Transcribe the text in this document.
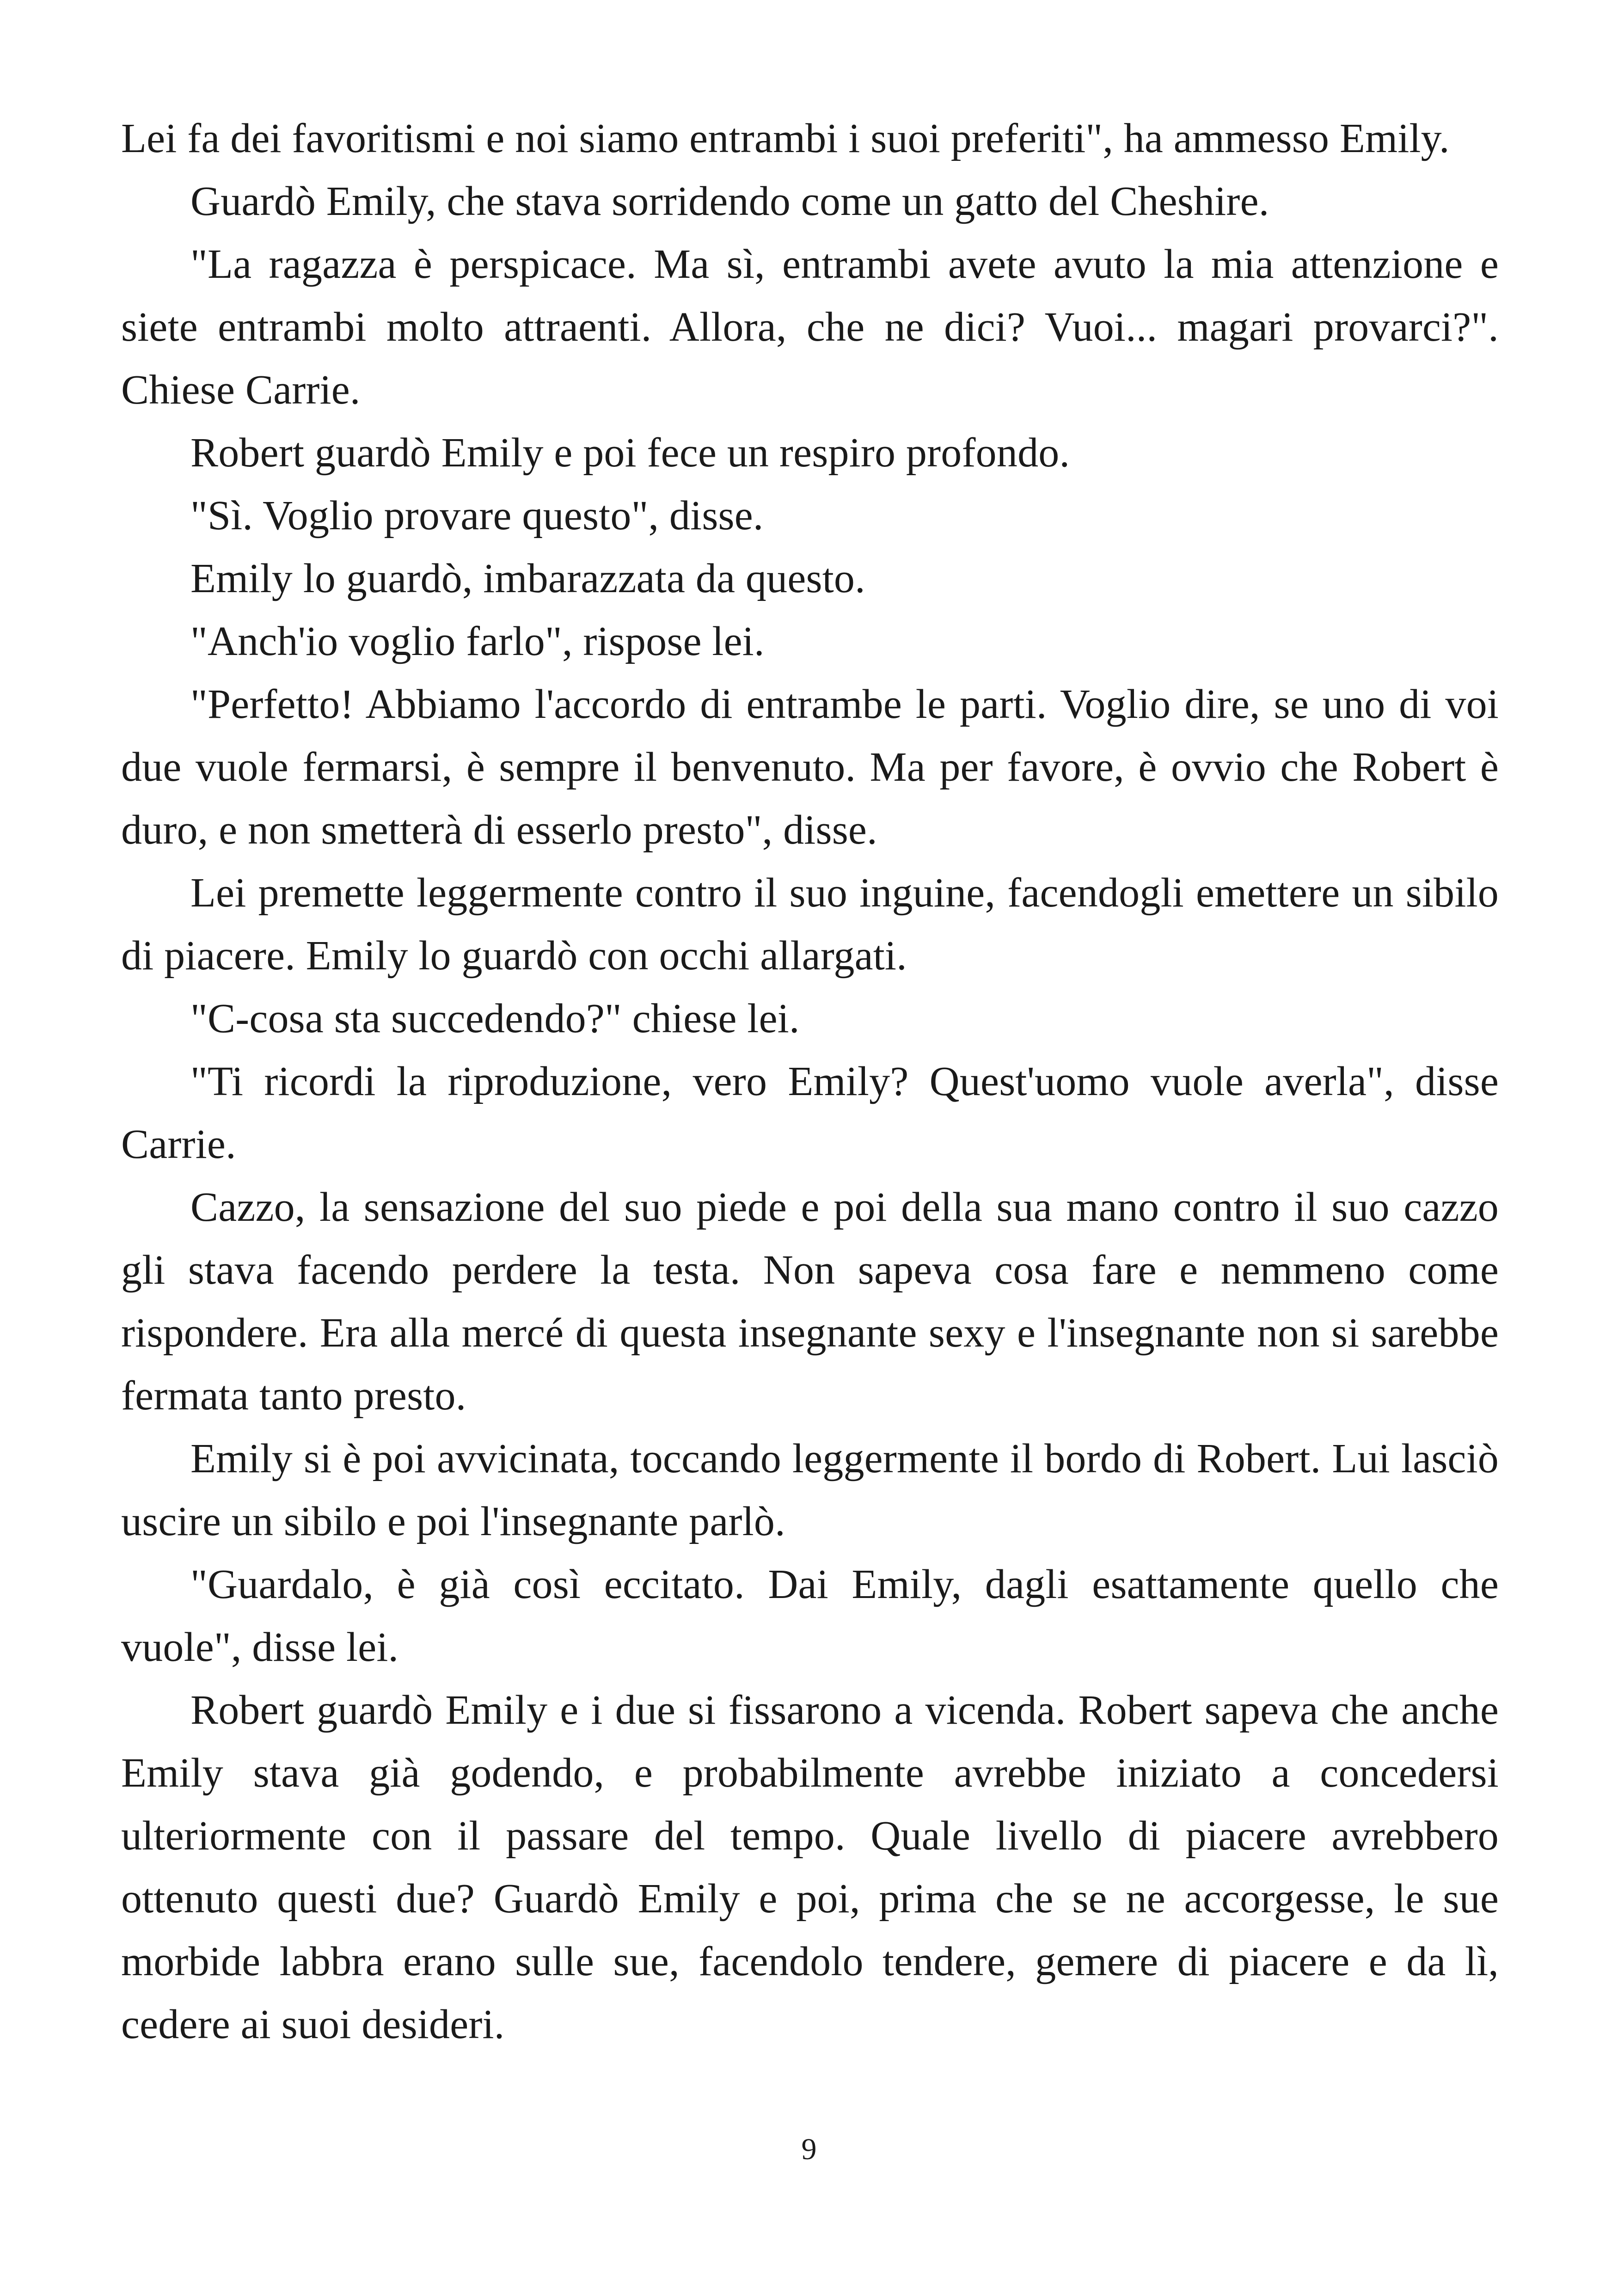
Lei fa dei favoritismi e noi siamo entrambi i suoi preferiti", ha ammesso Emily.

Guardò Emily, che stava sorridendo come un gatto del Cheshire.

"La ragazza è perspicace. Ma sì, entrambi avete avuto la mia attenzione e siete entrambi molto attraenti. Allora, che ne dici? Vuoi... magari provarci?". Chiese Carrie.

Robert guardò Emily e poi fece un respiro profondo.

"Sì. Voglio provare questo", disse.

Emily lo guardò, imbarazzata da questo.

"Anch'io voglio farlo", rispose lei.

"Perfetto! Abbiamo l'accordo di entrambe le parti. Voglio dire, se uno di voi due vuole fermarsi, è sempre il benvenuto. Ma per favore, è ovvio che Robert è duro, e non smetterà di esserlo presto", disse.

Lei premette leggermente contro il suo inguine, facendogli emettere un sibilo di piacere. Emily lo guardò con occhi allargati.

"C-cosa sta succedendo?" chiese lei.

"Ti ricordi la riproduzione, vero Emily? Quest'uomo vuole averla", disse Carrie.

Cazzo, la sensazione del suo piede e poi della sua mano contro il suo cazzo gli stava facendo perdere la testa. Non sapeva cosa fare e nemmeno come rispondere. Era alla mercé di questa insegnante sexy e l'insegnante non si sarebbe fermata tanto presto.

Emily si è poi avvicinata, toccando leggermente il bordo di Robert. Lui lasciò uscire un sibilo e poi l'insegnante parlò.

"Guardalo, è già così eccitato. Dai Emily, dagli esattamente quello che vuole", disse lei.

Robert guardò Emily e i due si fissarono a vicenda. Robert sapeva che anche Emily stava già godendo, e probabilmente avrebbe iniziato a concedersi ulteriormente con il passare del tempo. Quale livello di piacere avrebbero ottenuto questi due? Guardò Emily e poi, prima che se ne accorgesse, le sue morbide labbra erano sulle sue, facendolo tendere, gemere di piacere e da lì, cedere ai suoi desideri.

9
